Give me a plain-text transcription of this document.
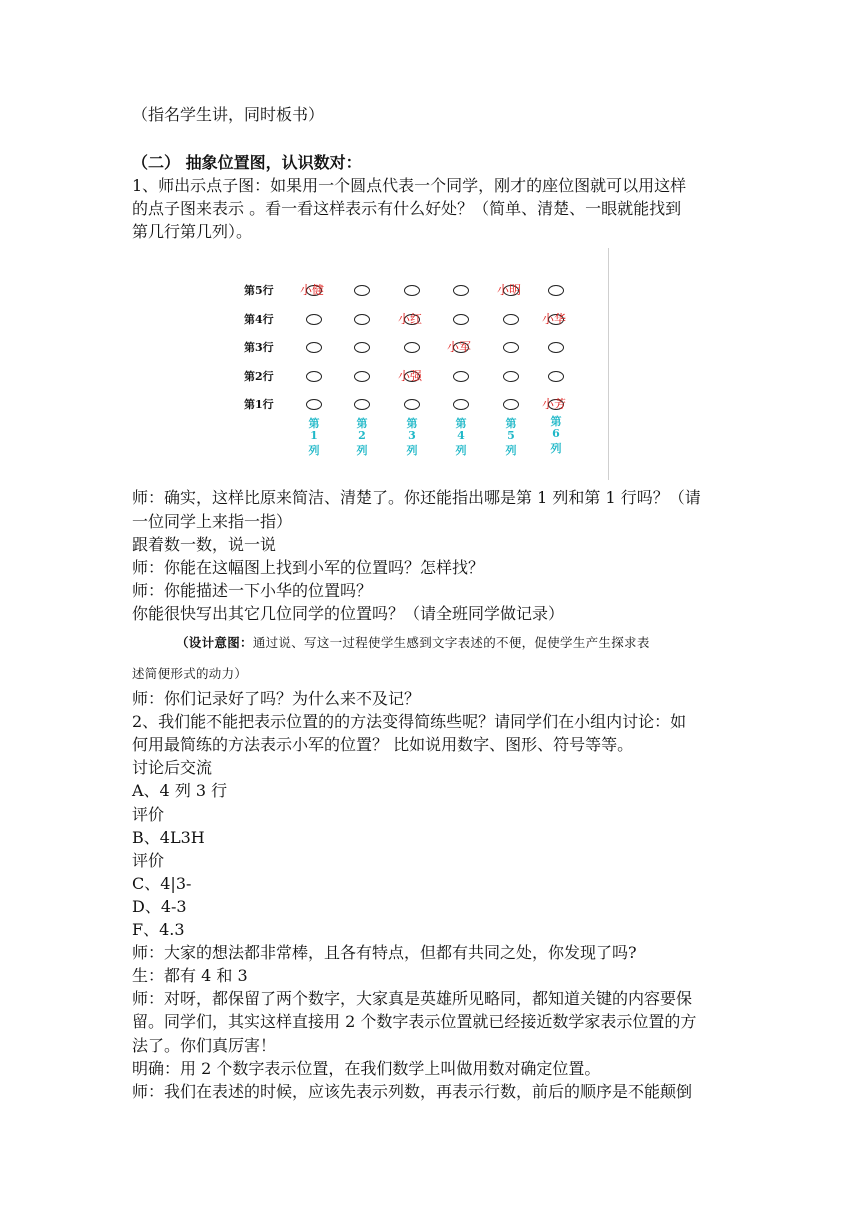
（指名学生讲，同时板书）
（二） 抽象位置图，认识数对：
1、师出示点子图：如果用一个圆点代表一个同学，刚才的座位图就可以用这样
的点子图来表示 。看一看这样表示有什么好处？（简单、清楚、一眼就能找到
第几行第几列）。
第5行
第4行
第3行
第2行
第1行
小健	小明
小红	小华
小军
小强
小芳
第
1
列
第
2
列
第
3
列
第
4
列
第
5
列
第
6
列
师：确实，这样比原来简洁、清楚了。你还能指出哪是第 1 列和第 1 行吗？（请
一位同学上来指一指）
跟着数一数，说一说
师：你能在这幅图上找到小军的位置吗？怎样找？
师：你能描述一下小华的位置吗？
你能很快写出其它几位同学的位置吗？（请全班同学做记录）
（设计意图：通过说、写这一过程使学生感到文字表述的不便，促使学生产生探求表
述简便形式的动力）
师：你们记录好了吗？为什么来不及记？
2、我们能不能把表示位置的的方法变得简练些呢？请同学们在小组内讨论：如
何用最简练的方法表示小军的位置？ 比如说用数字、图形、符号等等。
讨论后交流
A、4 列 3 行
评价
B、4L3H
评价
C、4|3-
D、4-3
F、4.3
师：大家的想法都非常棒，且各有特点，但都有共同之处，你发现了吗?
生：都有 4 和 3
师：对呀，都保留了两个数字，大家真是英雄所见略同，都知道关键的内容要保
留。同学们，其实这样直接用 2 个数字表示位置就已经接近数学家表示位置的方
法了。你们真厉害！
明确：用 2 个数字表示位置，在我们数学上叫做用数对确定位置。
师：我们在表述的时候，应该先表示列数，再表示行数，前后的顺序是不能颠倒
